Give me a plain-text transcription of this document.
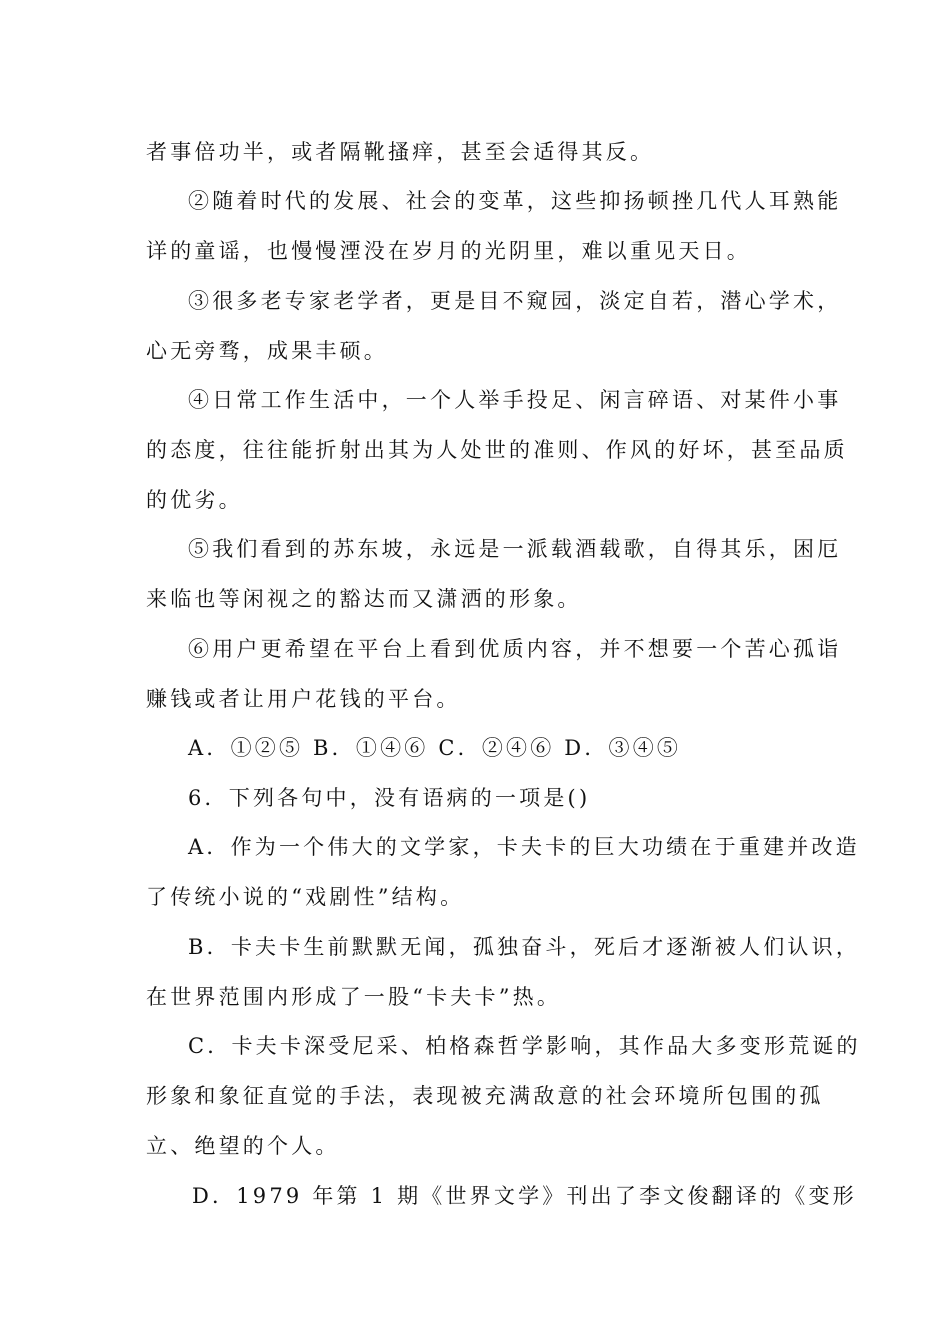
者事倍功半，或者隔靴搔痒，甚至会适得其反。
②随着时代的发展、社会的变革，这些抑扬顿挫几代人耳熟能
详的童谣，也慢慢湮没在岁月的光阴里，难以重见天日。
③很多老专家老学者，更是目不窥园，淡定自若，潜心学术，
心无旁骛，成果丰硕。
④日常工作生活中，一个人举手投足、闲言碎语、对某件小事
的态度，往往能折射出其为人处世的准则、作风的好坏，甚至品质
的优劣。
⑤我们看到的苏东坡，永远是一派载酒载歌，自得其乐，困厄
来临也等闲视之的豁达而又潇洒的形象。
⑥用户更希望在平台上看到优质内容，并不想要一个苦心孤诣
赚钱或者让用户花钱的平台。
A．①②⑤ B．①④⑥ C．②④⑥ D．③④⑤
6．下列各句中，没有语病的一项是()
A．作为一个伟大的文学家，卡夫卡的巨大功绩在于重建并改造
了传统小说的“戏剧性”结构。
B．卡夫卡生前默默无闻，孤独奋斗，死后才逐渐被人们认识，
在世界范围内形成了一股“卡夫卡”热。
C．卡夫卡深受尼采、柏格森哲学影响，其作品大多变形荒诞的
形象和象征直觉的手法，表现被充满敌意的社会环境所包围的孤
立、绝望的个人。
D．1979 年第 1 期《世界文学》刊出了李文俊翻译的《变形
